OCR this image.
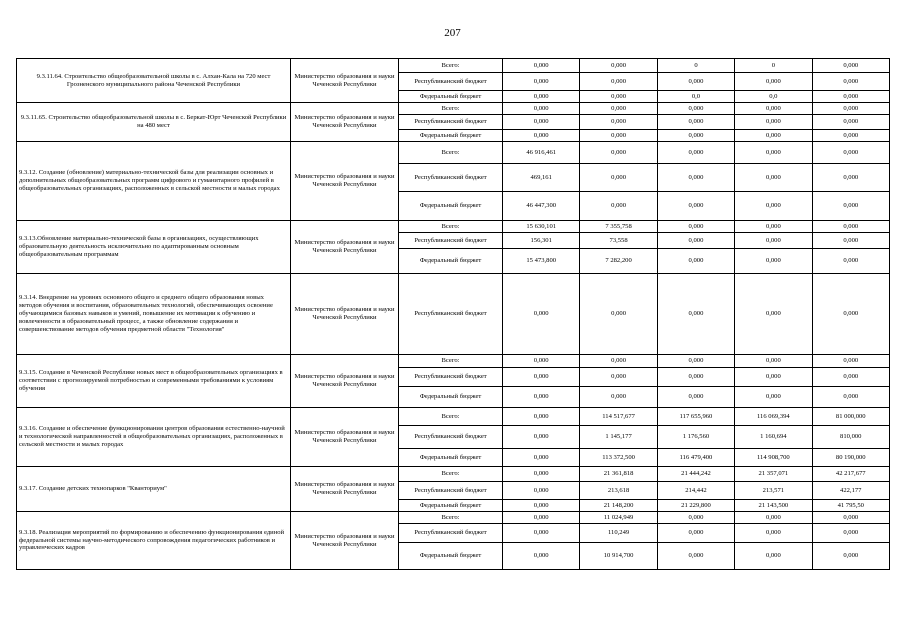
207
9.3.11.64. Строительство общеобразовательной школы в с. Алхан-Кала на 720 мест Грозненского муниципального района Чеченской Республики	Министерство образования и науки Чеченской Республики	Всего:	0,000	0,000	0	0	0,000
		Республиканский бюджет	0,000	0,000	0,000	0,000	0,000
		Федеральный бюджет	0,000	0,000	0,0	0,0	0,000
9.3.11.65. Строительство общеобразовательной школы в с. Беркат-Юрт Чеченской Республики на 480 мест	Министерство образования и науки Чеченской Республики	Всего:	0,000	0,000	0,000	0,000	0,000
		Республиканский бюджет	0,000	0,000	0,000	0,000	0,000
		Федеральный бюджет	0,000	0,000	0,000	0,000	0,000
9.3.12. Создание (обновление) материально-технической базы для реализации основных и дополнительных общеобразовательных программ цифрового и гуманитарного профилей в общеобразовательных организациях, расположенных в сельской местности и малых городах	Министерство образования и науки Чеченской Республики	Всего:	46 916,461	0,000	0,000	0,000	0,000
		Республиканский бюджет	469,161	0,000	0,000	0,000	0,000
		Федеральный бюджет	46 447,300	0,000	0,000	0,000	0,000
9.3.13.Обновление материально-технической базы в организациях, осуществляющих образовательную деятельность исключительно по адаптированным основным общеобразовательным программам	Министерство образования и науки Чеченской Республики	Всего:	15 630,101	7 355,758	0,000	0,000	0,000
		Республиканский бюджет	156,301	73,558	0,000	0,000	0,000
		Федеральный бюджет	15 473,800	7 282,200	0,000	0,000	0,000
9.3.14. Внедрение на уровнях основного общего и среднего общего образования новых методов обучения и воспитания, образовательных технологий, обеспечивающих освоение обучающимися базовых навыков и умений, повышение их мотивации к обучению и вовлеченности в образовательный процесс, а также обновление содержания и совершенствование методов обучения предметной области "Технология"	Министерство образования и науки Чеченской Республики	Республиканский бюджет	0,000	0,000	0,000	0,000	0,000
9.3.15. Создание в Чеченской Республике новых мест в общеобразовательных организациях в соответствии с прогнозируемой потребностью и современными требованиями к условиям обучения	Министерство образования и науки Чеченской Республики	Всего:	0,000	0,000	0,000	0,000	0,000
		Республиканский бюджет	0,000	0,000	0,000	0,000	0,000
		Федеральный бюджет	0,000	0,000	0,000	0,000	0,000
9.3.16. Создание и обеспечение функционирования центров образования естественно-научной и технологической направленностей в общеобразовательных организациях, расположенных в сельской местности и малых городах	Министерство образования и науки Чеченской Республики	Всего:	0,000	114 517,677	117 655,960	116 069,394	81 000,000
		Республиканский бюджет	0,000	1 145,177	1 176,560	1 160,694	810,000
		Федеральный бюджет	0,000	113 372,500	116 479,400	114 908,700	80 190,000
9.3.17. Создание детских технопарков "Кванториум"	Министерство образования и науки Чеченской Республики	Всего:	0,000	21 361,818	21 444,242	21 357,071	42 217,677
		Республиканский бюджет	0,000	213,618	214,442	213,571	422,177
		Федеральный бюджет	0,000	21 148,200	21 229,800	21 143,500	41 795,50
9.3.18. Реализация мероприятий по формированию и обеспечению функционирования единой федеральной системы научно-методического сопровождения педагогических работников и управленческих кадров	Министерство образования и науки Чеченской Республики	Всего:	0,000	11 024,949	0,000	0,000	0,000
		Республиканский бюджет	0,000	110,249	0,000	0,000	0,000
		Федеральный бюджет	0,000	10 914,700	0,000	0,000	0,000
